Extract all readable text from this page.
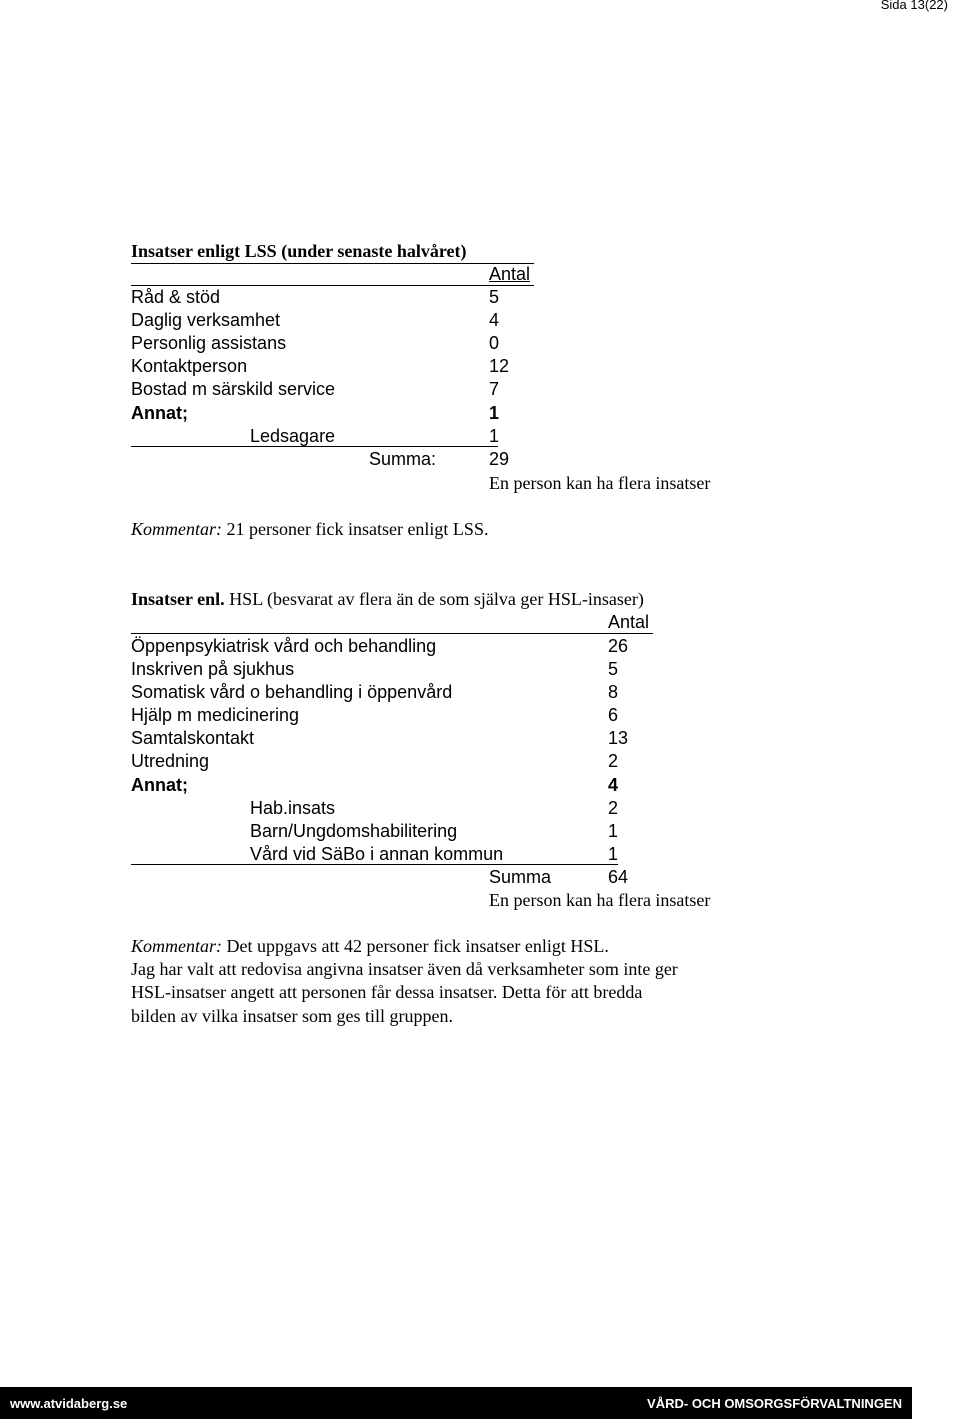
Sida 13(22)
Insatser enligt LSS (under senaste halvåret)
Antal
Råd & stöd	5
Daglig verksamhet	4
Personlig assistans	0
Kontaktperson	12
Bostad m särskild service	7
Annat;	1
Ledsagare	1
Summa:	29
En person kan ha flera insatser
Kommentar: 21 personer fick insatser enligt LSS.
Insatser enl. HSL (besvarat av flera än de som själva ger HSL-insaser)
Antal
Öppenpsykiatrisk vård och behandling	26
Inskriven på sjukhus	5
Somatisk vård o behandling i öppenvård	8
Hjälp m medicinering	6
Samtalskontakt	13
Utredning	2
Annat;	4
Hab.insats	2
Barn/Ungdomshabilitering	1
Vård vid SäBo i annan kommun	1
Summa	64
En person kan ha flera insatser
Kommentar: Det uppgavs att 42 personer fick insatser enligt HSL.
Jag har valt att redovisa angivna insatser även då verksamheter som inte ger
HSL-insatser angett att personen får dessa insatser. Detta för att bredda
bilden av vilka insatser som ges till gruppen.
www.atvidaberg.se	VÅRD- OCH OMSORGSFÖRVALTNINGEN
